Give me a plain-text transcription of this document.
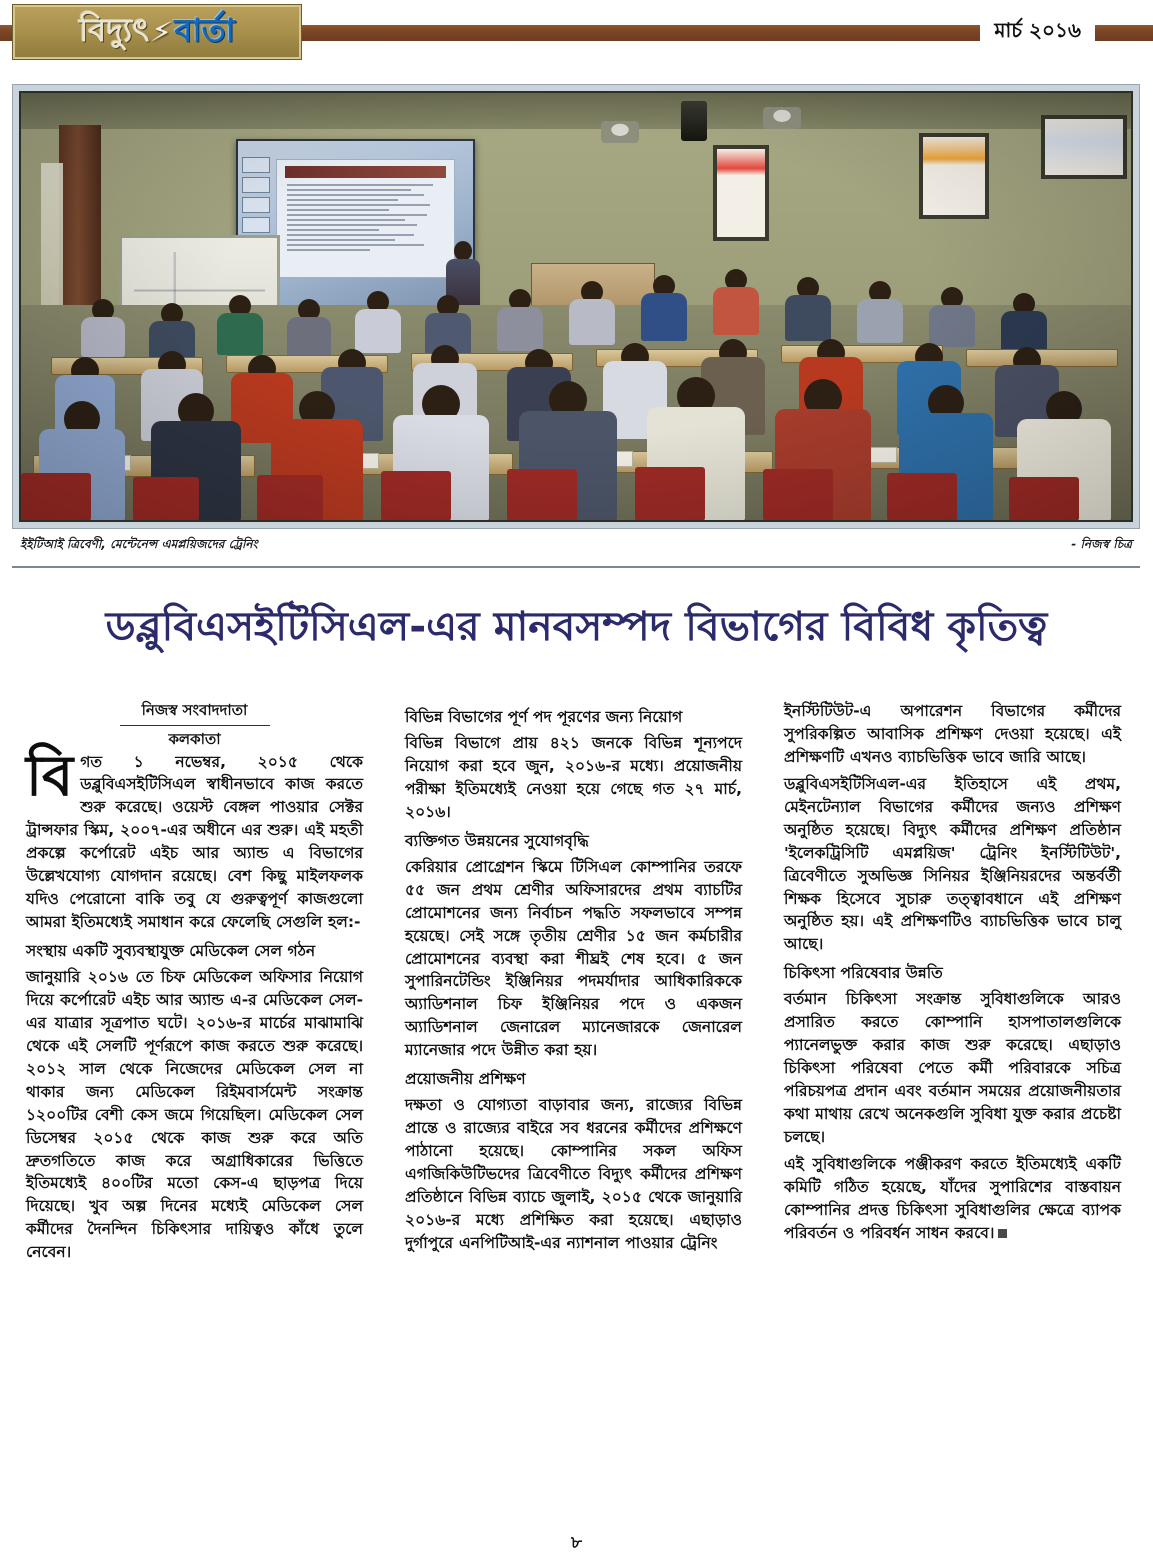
বিদ্যুৎ⚡বার্তা	মার্চ ২০১৬
ইইটিআই ত্রিবেণী, মেন্টেনেন্স এমপ্লয়িজদের ট্রেনিং	- নিজস্ব চিত্র
ডব্লুবিএসইটিসিএল-এর মানবসম্পদ বিভাগের বিবিধ কৃতিত্ব
নিজস্ব সংবাদদাতা
কলকাতা
বি গত ১ নভেম্বর, ২০১৫ থেকে ডব্লুবিএসইটিসিএল স্বাধীনভাবে কাজ করতে শুরু করেছে। ওয়েস্ট বেঙ্গল পাওয়ার সেক্টর ট্রান্সফার স্কিম, ২০০৭-এর অধীনে এর শুরু। এই মহতী প্রকল্পে কর্পোরেট এইচ আর অ্যান্ড এ বিভাগের উল্লেখযোগ্য যোগদান রয়েছে। বেশ কিছু মাইলফলক যদিও পেরোনো বাকি তবু যে গুরুত্বপূর্ণ কাজগুলো আমরা ইতিমধ্যেই সমাধান করে ফেলেছি সেগুলি হল:-

সংস্থায় একটি সুব্যবস্থাযুক্ত মেডিকেল সেল গঠন

জানুয়ারি ২০১৬ তে চিফ মেডিকেল অফিসার নিয়োগ দিয়ে কর্পোরেট এইচ আর অ্যান্ড এ-র মেডিকেল সেল-এর যাত্রার সূত্রপাত ঘটে। ২০১৬-র মার্চের মাঝামাঝি থেকে এই সেলটি পূর্ণরূপে কাজ করতে শুরু করেছে। ২০১২ সাল থেকে নিজেদের মেডিকেল সেল না থাকার জন্য মেডিকেল রিইমবার্সমেন্ট সংক্রান্ত ১২০০টির বেশী কেস জমে গিয়েছিল। মেডিকেল সেল ডিসেম্বর ২০১৫ থেকে কাজ শুরু করে অতি দ্রুতগতিতে কাজ করে অগ্রাধিকারের ভিত্তিতে ইতিমধ্যেই ৪০০টির মতো কেস-এ ছাড়পত্র দিয়ে দিয়েছে। খুব অল্প দিনের মধ্যেই মেডিকেল সেল কর্মীদের দৈনন্দিন চিকিৎসার দায়িত্বও কাঁধে তুলে নেবেন।

বিভিন্ন বিভাগের পূর্ণ পদ পূরণের জন্য নিয়োগ

বিভিন্ন বিভাগে প্রায় ৪২১ জনকে বিভিন্ন শূন্যপদে নিয়োগ করা হবে জুন, ২০১৬-র মধ্যে। প্রয়োজনীয় পরীক্ষা ইতিমধ্যেই নেওয়া হয়ে গেছে গত ২৭ মার্চ, ২০১৬।

ব্যক্তিগত উন্নয়নের সুযোগবৃদ্ধি

কেরিয়ার প্রোগ্রেশন স্কিমে টিসিএল কোম্পানির তরফে ৫৫ জন প্রথম শ্রেণীর অফিসারদের প্রথম ব্যাচটির প্রোমোশনের জন্য নির্বাচন পদ্ধতি সফলভাবে সম্পন্ন হয়েছে। সেই সঙ্গে তৃতীয় শ্রেণীর ১৫ জন কর্মচারীর প্রোমোশনের ব্যবস্থা করা শীঘ্রই শেষ হবে। ৫ জন সুপারিনটেন্ডিং ইঞ্জিনিয়র পদমর্যাদার আধিকারিককে অ্যাডিশনাল চিফ ইঞ্জিনিয়র পদে ও একজন অ্যাডিশনাল জেনারেল ম্যানেজারকে জেনারেল ম্যানেজার পদে উন্নীত করা হয়।

প্রয়োজনীয় প্রশিক্ষণ

দক্ষতা ও যোগ্যতা বাড়াবার জন্য, রাজ্যের বিভিন্ন প্রান্তে ও রাজ্যের বাইরে সব ধরনের কর্মীদের প্রশিক্ষণে পাঠানো হয়েছে। কোম্পানির সকল অফিস এগজিকিউটিভদের ত্রিবেণীতে বিদ্যুৎ কর্মীদের প্রশিক্ষণ প্রতিষ্ঠানে বিভিন্ন ব্যাচে জুলাই, ২০১৫ থেকে জানুয়ারি ২০১৬-র মধ্যে প্রশিক্ষিত করা হয়েছে। এছাড়াও দুর্গাপুরে এনপিটিআই-এর ন্যাশনাল পাওয়ার ট্রেনিং

ইনস্টিটিউট-এ অপারেশন বিভাগের কর্মীদের সুপরিকল্পিত আবাসিক প্রশিক্ষণ দেওয়া হয়েছে। এই প্রশিক্ষণটি এখনও ব্যাচভিত্তিক ভাবে জারি আছে।

ডব্লুবিএসইটিসিএল-এর ইতিহাসে এই প্রথম, মেইনটেন্যাল বিভাগের কর্মীদের জন্যও প্রশিক্ষণ অনুষ্ঠিত হয়েছে। বিদ্যুৎ কর্মীদের প্রশিক্ষণ প্রতিষ্ঠান 'ইলেকট্রিসিটি এমপ্লয়িজ' ট্রেনিং ইনস্টিটিউট', ত্রিবেণীতে সুঅভিজ্ঞ সিনিয়র ইঞ্জিনিয়রদের অন্তর্বর্তী শিক্ষক হিসেবে সুচারু তত্ত্বাবধানে এই প্রশিক্ষণ অনুষ্ঠিত হয়। এই প্রশিক্ষণটিও ব্যাচভিত্তিক ভাবে চালু আছে।

চিকিৎসা পরিষেবার উন্নতি

বর্তমান চিকিৎসা সংক্রান্ত সুবিধাগুলিকে আরও প্রসারিত করতে কোম্পানি হাসপাতালগুলিকে প্যানেলভুক্ত করার কাজ শুরু করেছে। এছাড়াও চিকিৎসা পরিষেবা পেতে কর্মী পরিবারকে সচিত্র পরিচয়পত্র প্রদান এবং বর্তমান সময়ের প্রয়োজনীয়তার কথা মাথায় রেখে অনেকগুলি সুবিধা যুক্ত করার প্রচেষ্টা চলছে।

এই সুবিধাগুলিকে পঞ্জীকরণ করতে ইতিমধ্যেই একটি কমিটি গঠিত হয়েছে, যাঁদের সুপারিশের বাস্তবায়ন কোম্পানির প্রদত্ত চিকিৎসা সুবিধাগুলির ক্ষেত্রে ব্যাপক পরিবর্তন ও পরিবর্ধন সাধন করবে।

৮
